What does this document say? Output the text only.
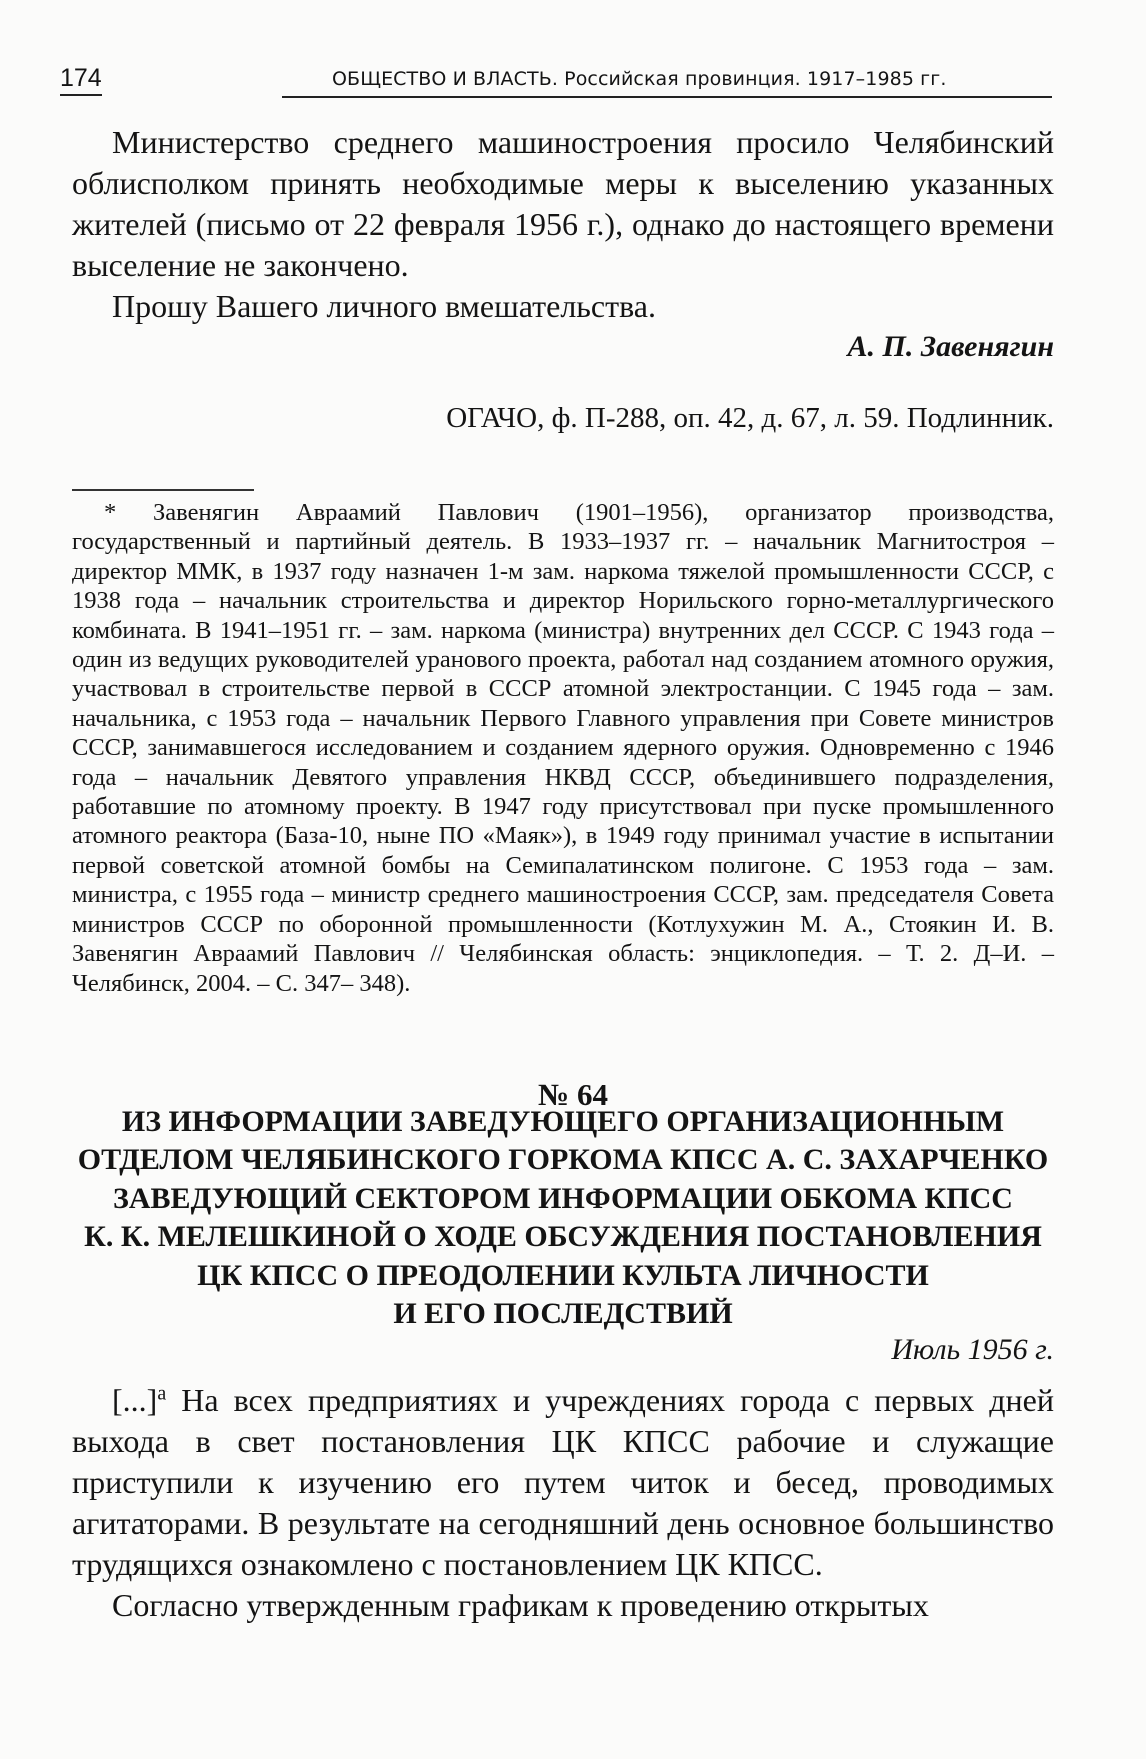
174	ОБЩЕСТВО И ВЛАСТЬ. Российская провинция. 1917–1985 гг.

Министерство среднего машиностроения просило Челябинский облисполком принять необходимые меры к выселению указанных жителей (письмо от 22 февраля 1956 г.), однако до настоящего времени выселение не закончено.

Прошу Вашего личного вмешательства.

А. П. Завенягин
ОГАЧО, ф. П-288, оп. 42, д. 67, л. 59. Подлинник.

* Завенягин Авраамий Павлович (1901–1956), организатор производства, государственный и партийный деятель. В 1933–1937 гг. – начальник Магнитостроя – директор ММК, в 1937 году назначен 1-м зам. наркома тяжелой промышленности СССР, с 1938 года – начальник строительства и директор Норильского горно-металлургического комбината. В 1941–1951 гг. – зам. наркома (министра) внутренних дел СССР. С 1943 года – один из ведущих руководителей уранового проекта, работал над созданием атомного оружия, участвовал в строительстве первой в СССР атомной электростанции. С 1945 года – зам. начальника, с 1953 года – начальник Первого Главного управления при Совете министров СССР, занимавшегося исследованием и созданием ядерного оружия. Одновременно с 1946 года – начальник Девятого управления НКВД СССР, объединившего подразделения, работавшие по атомному проекту. В 1947 году присутствовал при пуске промышленного атомного реактора (База-10, ныне ПО «Маяк»), в 1949 году принимал участие в испытании первой советской атомной бомбы на Семипалатинском полигоне. С 1953 года – зам. министра, с 1955 года – министр среднего машиностроения СССР, зам. председателя Совета министров СССР по оборонной промышленности (Котлухужин М. А., Стоякин И. В. Завенягин Авраамий Павлович // Челябинская область: энциклопедия. – Т. 2. Д–И. – Челябинск, 2004. – С. 347– 348).

№ 64
ИЗ ИНФОРМАЦИИ ЗАВЕДУЮЩЕГО ОРГАНИЗАЦИОННЫМ
ОТДЕЛОМ ЧЕЛЯБИНСКОГО ГОРКОМА КПСС А. С. ЗАХАРЧЕНКО
ЗАВЕДУЮЩИЙ СЕКТОРОМ ИНФОРМАЦИИ ОБКОМА КПСС
К. К. МЕЛЕШКИНОЙ О ХОДЕ ОБСУЖДЕНИЯ ПОСТАНОВЛЕНИЯ
ЦК КПСС О ПРЕОДОЛЕНИИ КУЛЬТА ЛИЧНОСТИ
И ЕГО ПОСЛЕДСТВИЙ
Июль 1956 г.

[...]$^а$ На всех предприятиях и учреждениях города с первых дней выхода в свет постановления ЦК КПСС рабочие и служащие приступили к изучению его путем читок и бесед, проводимых агитаторами. В результате на сегодняшний день основное большинство трудящихся ознакомлено с постановлением ЦК КПСС.

Согласно утвержденным графикам к проведению открытых
